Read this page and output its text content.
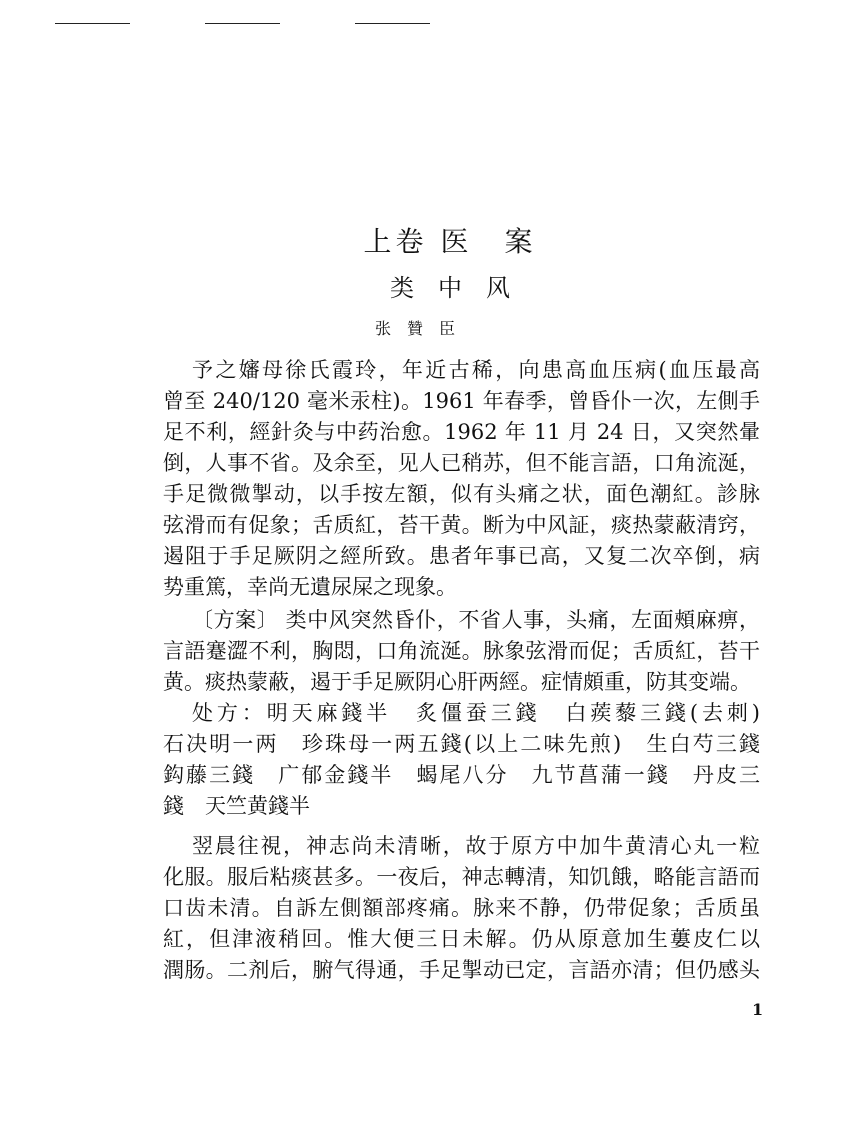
上卷 医　案
类　中　风
张　贊　臣
予之嬸母徐氏霞玲，年近古稀，向患高血压病(血压最高
曾至 240/120 毫米汞柱)。1961 年春季，曾昏仆一次，左側手
足不利，經針灸与中药治愈。1962 年 11 月 24 日，又突然暈
倒，人事不省。及余至，见人已稍苏，但不能言語，口角流涎，
手足微微掣动，以手按左額，似有头痛之状，面色潮紅。診脉
弦滑而有促象；舌质紅，苔干黄。断为中风証，痰热蒙蔽清窍，
遏阻于手足厥阴之經所致。患者年事已高，又复二次卒倒，病
势重篤，幸尚无遺尿屎之现象。
〔方案〕 类中风突然昏仆，不省人事，头痛，左面頰麻痹，
言語蹇澀不利，胸悶，口角流涎。脉象弦滑而促；舌质紅，苔干
黄。痰热蒙蔽，遏于手足厥阴心肝两經。症情頗重，防其变端。
处方：明天麻錢半　炙僵蚕三錢　白蒺藜三錢(去刺)
石决明一两　珍珠母一两五錢(以上二味先煎)　生白芍三錢
鈎藤三錢　广郁金錢半　蝎尾八分　九节菖蒲一錢　丹皮三
錢　天竺黄錢半
翌晨往視，神志尚未清晰，故于原方中加牛黄清心丸一粒
化服。服后粘痰甚多。一夜后，神志轉清，知饥餓，略能言語而
口齿未清。自訴左側額部疼痛。脉来不静，仍带促象；舌质虽
紅，但津液稍回。惟大便三日未解。仍从原意加生蔞皮仁以
潤肠。二剂后，腑气得通，手足掣动已定，言語亦清；但仍感头
1
